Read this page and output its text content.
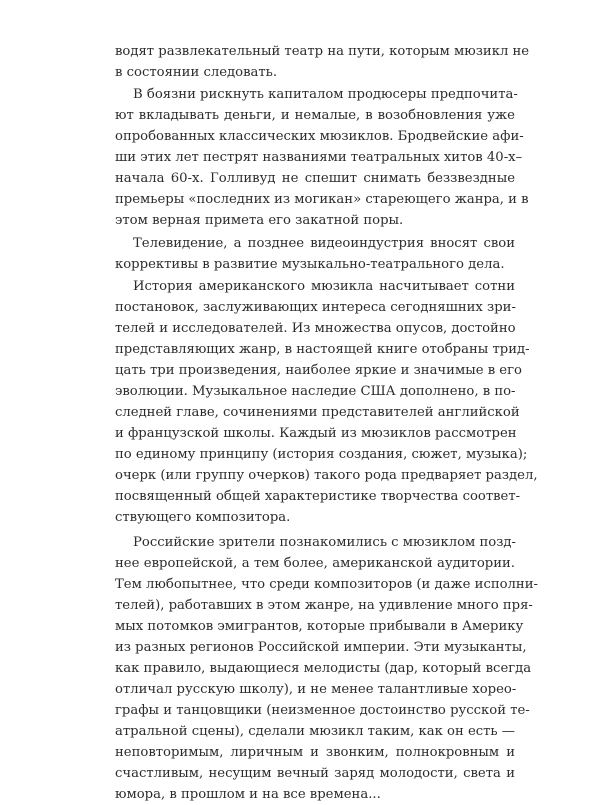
водят развлекательный театр на пути, которым мюзикл не
в состоянии следовать.
В боязни рискнуть капиталом продюсеры предпочита-
ют вкладывать деньги, и немалые, в возобновления уже
опробованных классических мюзиклов. Бродвейские афи-
ши этих лет пестрят названиями театральных хитов 40-х–
начала 60-х. Голливуд не спешит снимать беззвездные
премьеры «последних из могикан» стареющего жанра, и в
этом верная примета его закатной поры.
Телевидение, а позднее видеоиндустрия вносят свои
коррективы в развитие музыкально-театрального дела.
История американского мюзикла насчитывает сотни
постановок, заслуживающих интереса сегодняшних зри-
телей и исследователей. Из множества опусов, достойно
представляющих жанр, в настоящей книге отобраны трид-
цать три произведения, наиболее яркие и значимые в его
эволюции. Музыкальное наследие США дополнено, в по-
следней главе, сочинениями представителей английской
и французской школы. Каждый из мюзиклов рассмотрен
по единому принципу (история создания, сюжет, музыка);
очерк (или группу очерков) такого рода предваряет раздел,
посвященный общей характеристике творчества соответ-
ствующего композитора.
Российские зрители познакомились с мюзиклом позд-
нее европейской, а тем более, американской аудитории.
Тем любопытнее, что среди композиторов (и даже исполни-
телей), работавших в этом жанре, на удивление много пря-
мых потомков эмигрантов, которые прибывали в Америку
из разных регионов Российской империи. Эти музыканты,
как правило, выдающиеся мелодисты (дар, который всегда
отличал русскую школу), и не менее талантливые хорео-
графы и танцовщики (неизменное достоинство русской те-
атральной сцены), сделали мюзикл таким, как он есть —
неповторимым, лиричным и звонким, полнокровным и
счастливым, несущим вечный заряд молодости, света и
юмора, в прошлом и на все времена...
